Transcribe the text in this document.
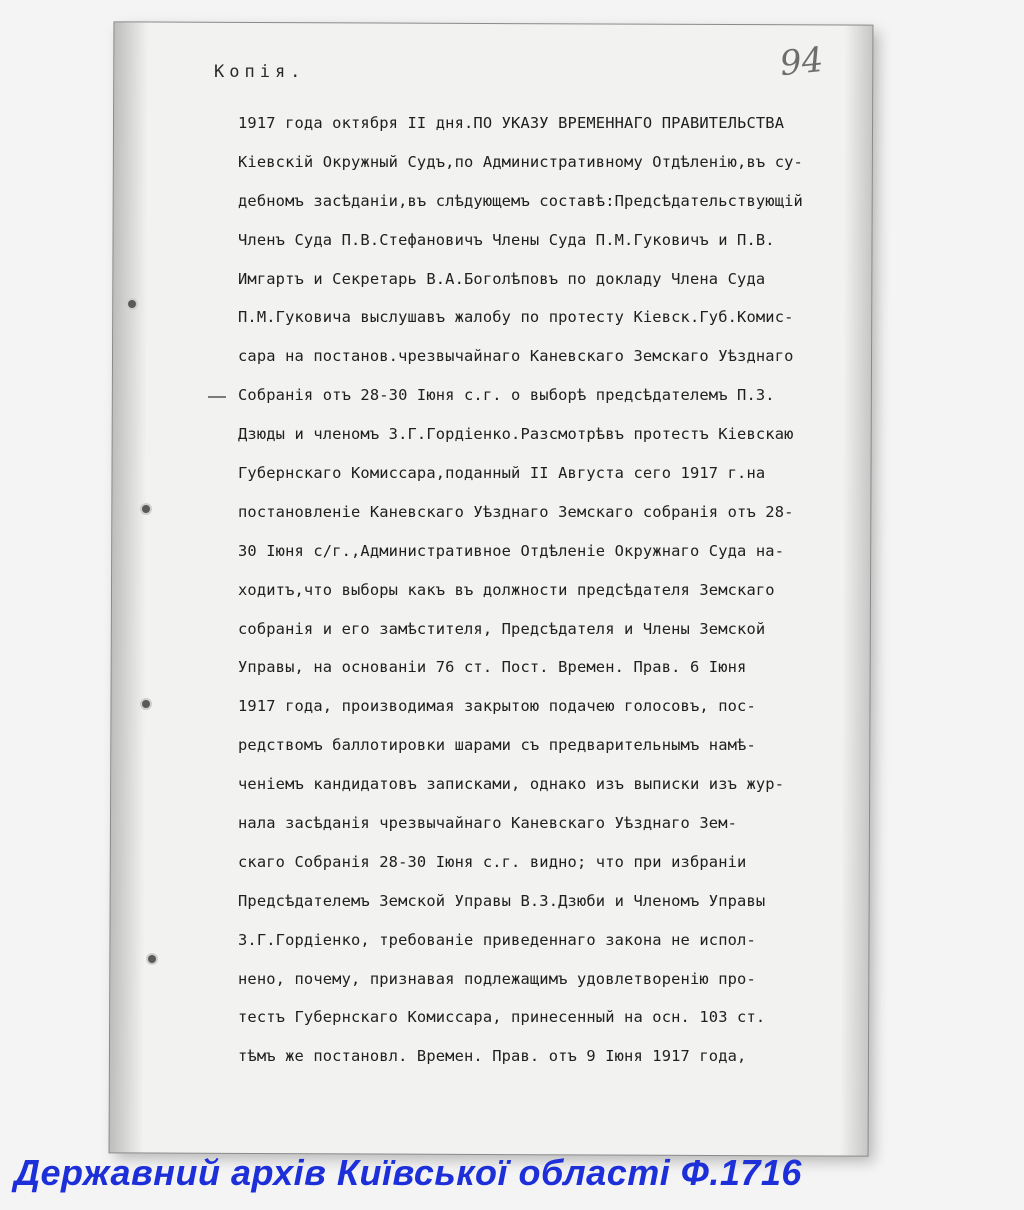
94
Копія.
1917 года октября II дня.ПО УКАЗУ ВРЕМЕННАГО ПРАВИТЕЛЬСТВА
Кіевскій Окружный Судъ,по Административному Отдѣленію,въ су-
дебномъ засѣданіи,въ слѣдующемъ составѣ:Предсѣдательствующій
Членъ Суда П.В.Стефановичъ Члены Суда П.М.Гуковичъ и П.В.
Имгартъ и Секретарь В.А.Боголѣповъ по докладу Члена Суда
П.М.Гуковича выслушавъ жалобу по протесту Кіевск.Губ.Комис-
сара на постанов.чрезвычайнаго Каневскаго Земскаго Уѣзднаго
Собранія отъ 28-30 Іюня с.г. о выборѣ предсѣдателемъ П.З.
Дзюды и членомъ З.Г.Гордіенко.Разсмотрѣвъ протестъ Кіевскаю
Губернскаго Комиссара,поданный II Августа сего 1917 г.на
постановленіе Каневскаго Уѣзднаго Земскаго собранія отъ 28-
30 Іюня с/г.,Административное Отдѣленіе Окружнаго Суда на-
ходитъ,что выборы какъ въ должности предсѣдателя Земскаго
собранія и его замѣстителя, Предсѣдателя и Члены Земской
Управы, на основаніи 76 ст. Пост. Времен. Прав. 6 Іюня
1917 года, производимая закрытою подачею голосовъ, пос-
редствомъ баллотировки шарами съ предварительнымъ намѣ-
ченіемъ кандидатовъ записками, однако изъ выписки изъ жур-
нала засѣданія чрезвычайнаго Каневскаго Уѣзднаго Зем-
скаго Собранія 28-30 Іюня с.г. видно; что при избраніи
Предсѣдателемъ Земской Управы В.З.Дзюби и Членомъ Управы
З.Г.Гордіенко, требованіе приведеннаго закона не испол-
нено, почему, признавая подлежащимъ удовлетворенію про-
тестъ Губернскаго Комиссара, принесенный на осн. 103 ст.
тѣмъ же постановл. Времен. Прав. отъ 9 Іюня 1917 года,
Державний архів Київської області Ф.1716
